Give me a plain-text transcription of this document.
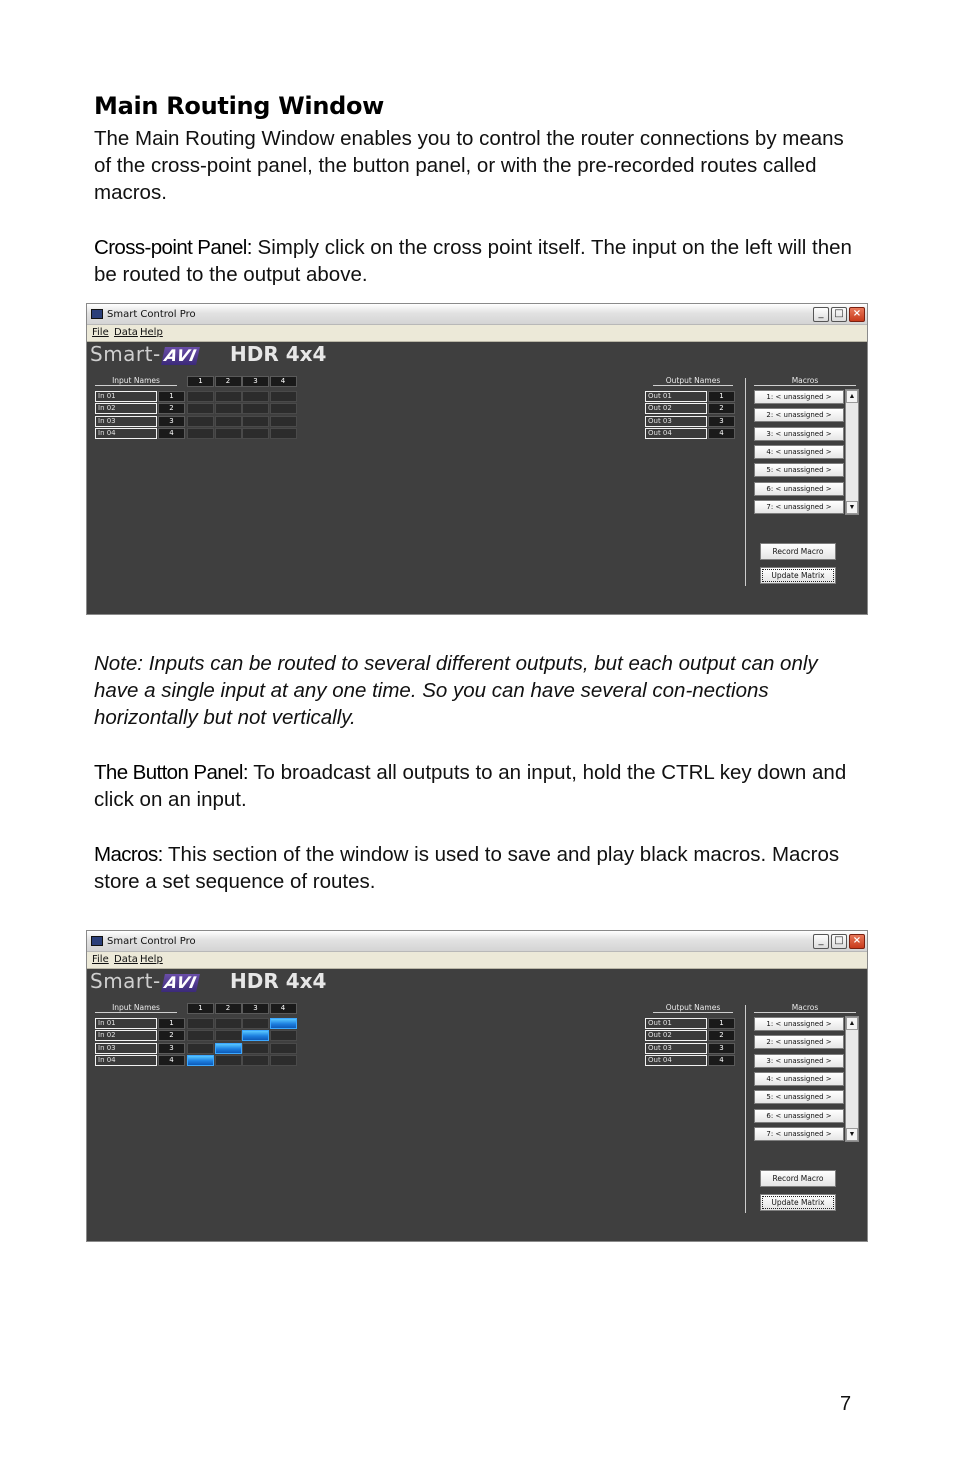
Main Routing Window
The Main Routing Window enables you to control the router connections by means of the cross-point panel, the button panel, or with the pre-recorded routes called macros.
Cross-point Panel: Simply click on the cross point itself. The input on the left will then be routed to the output above.
Smart Control Pro	_	□ ×
File Data Help
Smart- AVI HDR 4x4
Input Names	Output Names	Macros
1	2	3	4
In 01	1	Out 01	1
In 02	2	Out 02	2
In 03	3	Out 03	3
In 04	4	Out 04	4
1: < unassigned >
2: < unassigned >
3: < unassigned >
4: < unassigned >
5: < unassigned >
6: < unassigned >
7: < unassigned >
▲
▼
Record Macro
Update Matrix
Note: Inputs can be routed to several different outputs, but each output can only have a single input at any one time. So you can have several con-nections horizontally but not vertically.
The Button Panel: To broadcast all outputs to an input, hold the CTRL key down and click on an input.
Macros: This section of the window is used to save and play black macros. Macros store a set sequence of routes.
Smart Control Pro	_	□ ×
File Data Help
Smart- AVI HDR 4x4
Input Names	Output Names	Macros
1	2	3	4
In 01	1	Out 01	1
In 02	2	Out 02	2
In 03	3	Out 03	3
In 04	4	Out 04	4
1: < unassigned >
2: < unassigned >
3: < unassigned >
4: < unassigned >
5: < unassigned >
6: < unassigned >
7: < unassigned >
▲
▼
Record Macro
Update Matrix
7
